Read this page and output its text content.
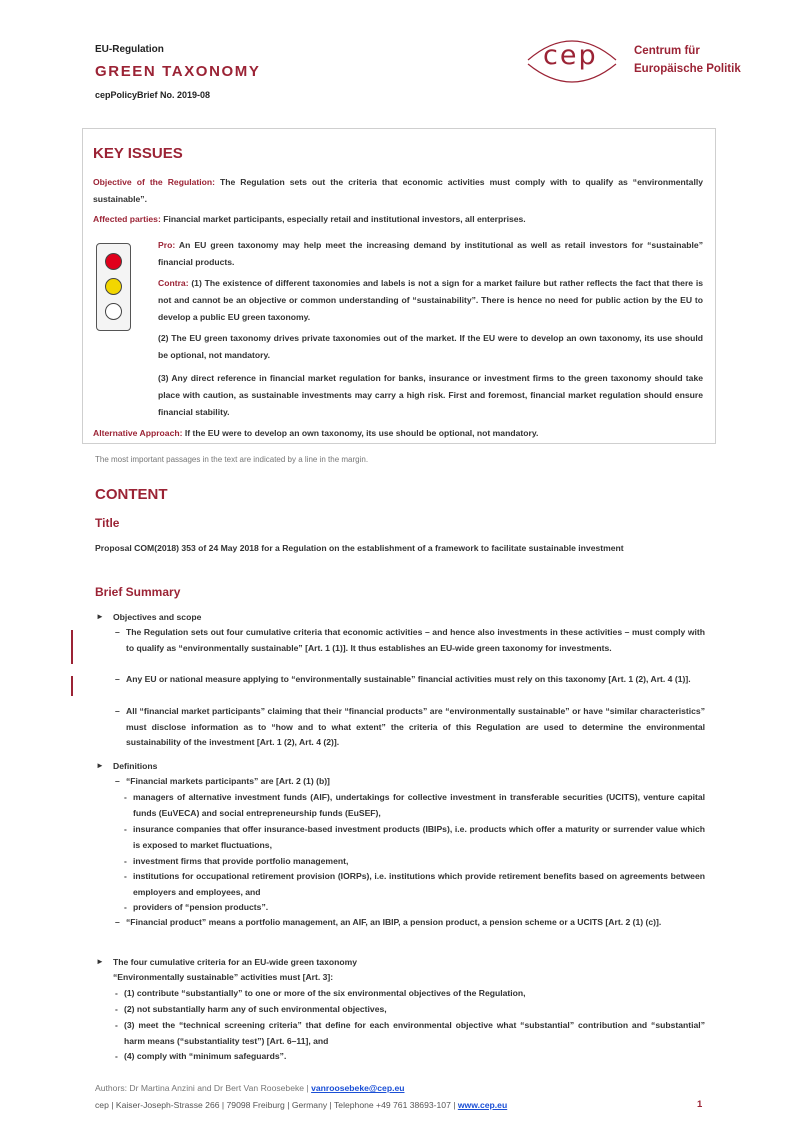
EU-Regulation
GREEN TAXONOMY
cepPolicyBrief No. 2019-08
cep	Centrum für
Europäische Politik
KEY ISSUES
Objective of the Regulation: The Regulation sets out the criteria that economic activities must comply with to qualify as “environmentally sustainable”.
Affected parties: Financial market participants, especially retail and institutional investors, all enterprises.
Pro: An EU green taxonomy may help meet the increasing demand by institutional as well as retail investors for “sustainable” financial products.
Contra: (1) The existence of different taxonomies and labels is not a sign for a market failure but rather reflects the fact that there is not and cannot be an objective or common understanding of “sustainability”. There is hence no need for public action by the EU to develop a public EU green taxonomy.
(2) The EU green taxonomy drives private taxonomies out of the market. If the EU were to develop an own taxonomy, its use should be optional, not mandatory.
(3) Any direct reference in financial market regulation for banks, insurance or investment firms to the green taxonomy should take place with caution, as sustainable investments may carry a high risk. First and foremost, financial market regulation should ensure financial stability.
Alternative Approach: If the EU were to develop an own taxonomy, its use should be optional, not mandatory.
The most important passages in the text are indicated by a line in the margin.
CONTENT
Title
Proposal COM(2018) 353 of 24 May 2018 for a Regulation on the establishment of a framework to facilitate sustainable investment
Brief Summary
► Objectives and scope
– The Regulation sets out four cumulative criteria that economic activities – and hence also investments in these activities – must comply with to qualify as “environmentally sustainable” [Art. 1 (1)]. It thus establishes an EU-wide green taxonomy for investments.
– Any EU or national measure applying to “environmentally sustainable” financial activities must rely on this taxonomy [Art. 1 (2), Art. 4 (1)].
– All “financial market participants” claiming that their “financial products” are “environmentally sustainable” or have “similar characteristics” must disclose information as to “how and to what extent” the criteria of this Regulation are used to determine the environmental sustainability of the investment [Art. 1 (2), Art. 4 (2)].
► Definitions
– “Financial markets participants” are [Art. 2 (1) (b)]
- managers of alternative investment funds (AIF), undertakings for collective investment in transferable securities (UCITS), venture capital funds (EuVECA) and social entrepreneurship funds (EuSEF),
- insurance companies that offer insurance-based investment products (IBIPs), i.e. products which offer a maturity or surrender value which is exposed to market fluctuations,
- investment firms that provide portfolio management,
- institutions for occupational retirement provision (IORPs), i.e. institutions which provide retirement benefits based on agreements between employers and employees, and
- providers of “pension products”.
– “Financial product” means a portfolio management, an AIF, an IBIP, a pension product, a pension scheme or a UCITS [Art. 2 (1) (c)].
► The four cumulative criteria for an EU-wide green taxonomy
“Environmentally sustainable” activities must [Art. 3]:
- (1) contribute “substantially” to one or more of the six environmental objectives of the Regulation,
- (2) not substantially harm any of such environmental objectives,
- (3) meet the “technical screening criteria” that define for each environmental objective what “substantial” contribution and “substantial” harm means (“substantiality test”) [Art. 6–11], and
- (4) comply with “minimum safeguards”.
Authors: Dr Martina Anzini and Dr Bert Van Roosebeke | vanroosebeke@cep.eu
cep | Kaiser-Joseph-Strasse 266 | 79098 Freiburg | Germany | Telephone +49 761 38693-107 | www.cep.eu	1
